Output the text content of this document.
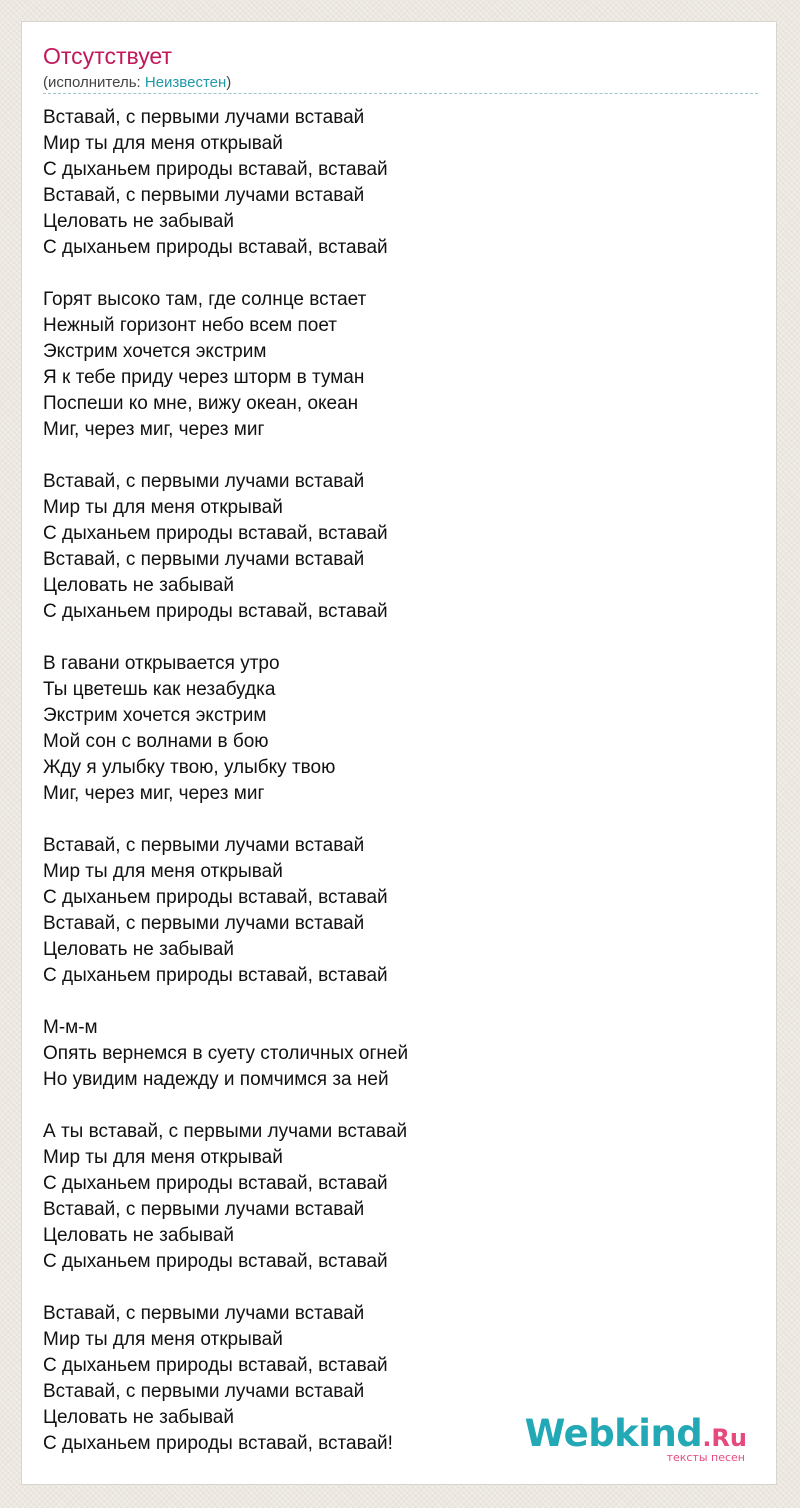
Отсутствует
(исполнитель: Неизвестен)
Вставай, с первыми лучами вставай
Мир ты для меня открывай
С дыханьем природы вставай, вставай
Вставай, с первыми лучами вставай
Целовать не забывай
С дыханьем природы вставай, вставай
Горят высоко там, где солнце встает
Нежный горизонт небо всем поет
Экстрим хочется экстрим
Я к тебе приду через шторм в туман
Поспеши ко мне, вижу океан, океан
Миг, через миг, через миг
Вставай, с первыми лучами вставай
Мир ты для меня открывай
С дыханьем природы вставай, вставай
Вставай, с первыми лучами вставай
Целовать не забывай
С дыханьем природы вставай, вставай
В гавани открывается утро
Ты цветешь как незабудка
Экстрим хочется экстрим
Мой сон с волнами в бою
Жду я улыбку твою, улыбку твою
Миг, через миг, через миг
Вставай, с первыми лучами вставай
Мир ты для меня открывай
С дыханьем природы вставай, вставай
Вставай, с первыми лучами вставай
Целовать не забывай
С дыханьем природы вставай, вставай
М-м-м
Опять вернемся в суету столичных огней
Но увидим надежду и помчимся за ней
А ты вставай, с первыми лучами вставай
Мир ты для меня открывай
С дыханьем природы вставай, вставай
Вставай, с первыми лучами вставай
Целовать не забывай
С дыханьем природы вставай, вставай
Вставай, с первыми лучами вставай
Мир ты для меня открывай
С дыханьем природы вставай, вставай
Вставай, с первыми лучами вставай
Целовать не забывай
С дыханьем природы вставай, вставай!	Webkind.Ru
тексты песен
